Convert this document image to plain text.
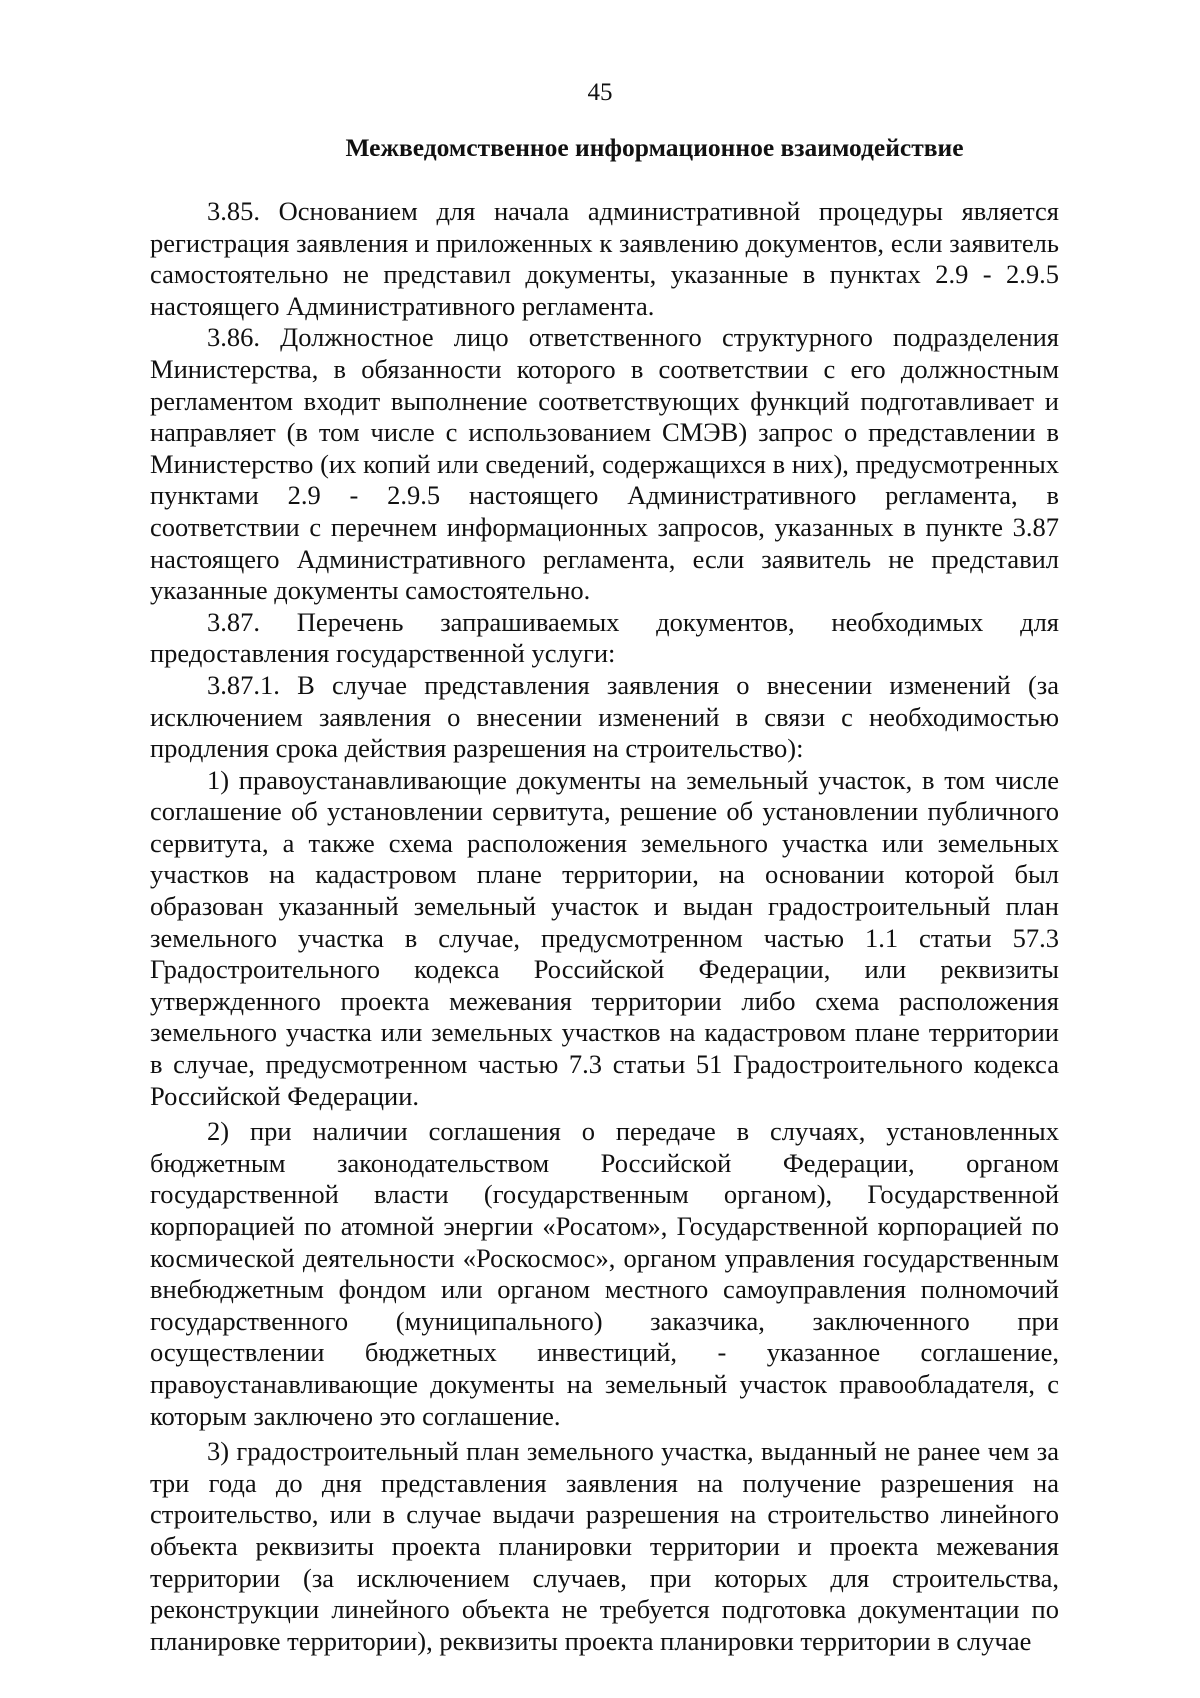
45
Межведомственное информационное взаимодействие

3.85. Основанием для начала административной процедуры является регистрация заявления и приложенных к заявлению документов, если заявитель самостоятельно не представил документы, указанные в пунктах 2.9 - 2.9.5 настоящего Административного регламента.

3.86. Должностное лицо ответственного структурного подразделения Министерства, в обязанности которого в соответствии с его должностным регламентом входит выполнение соответствующих функций подготавливает и направляет (в том числе с использованием СМЭВ) запрос о представлении в Министерство (их копий или сведений, содержащихся в них), предусмотренных пунктами 2.9 - 2.9.5 настоящего Административного регламента, в соответствии с перечнем информационных запросов, указанных в пункте 3.87 настоящего Административного регламента, если заявитель не представил указанные документы самостоятельно.

3.87. Перечень запрашиваемых документов, необходимых для предоставления государственной услуги:

3.87.1. В случае представления заявления о внесении изменений (за исключением заявления о внесении изменений в связи с необходимостью продления срока действия разрешения на строительство):

1) правоустанавливающие документы на земельный участок, в том числе соглашение об установлении сервитута, решение об установлении публичного сервитута, а также схема расположения земельного участка или земельных участков на кадастровом плане территории, на основании которой был образован указанный земельный участок и выдан градостроительный план земельного участка в случае, предусмотренном частью 1.1 статьи 57.3 Градостроительного кодекса Российской Федерации, или реквизиты утвержденного проекта межевания территории либо схема расположения земельного участка или земельных участков на кадастровом плане территории в случае, предусмотренном частью 7.3 статьи 51 Градостроительного кодекса Российской Федерации.

2) при наличии соглашения о передаче в случаях, установленных бюджетным законодательством Российской Федерации, органом государственной власти (государственным органом), Государственной корпорацией по атомной энергии «Росатом», Государственной корпорацией по космической деятельности «Роскосмос», органом управления государственным внебюджетным фондом или органом местного самоуправления полномочий государственного (муниципального) заказчика, заключенного при осуществлении бюджетных инвестиций, - указанное соглашение, правоустанавливающие документы на земельный участок правообладателя, с которым заключено это соглашение.

3) градостроительный план земельного участка, выданный не ранее чем за три года до дня представления заявления на получение разрешения на строительство, или в случае выдачи разрешения на строительство линейного объекта реквизиты проекта планировки территории и проекта межевания территории (за исключением случаев, при которых для строительства, реконструкции линейного объекта не требуется подготовка документации по планировке территории), реквизиты проекта планировки территории в случае
